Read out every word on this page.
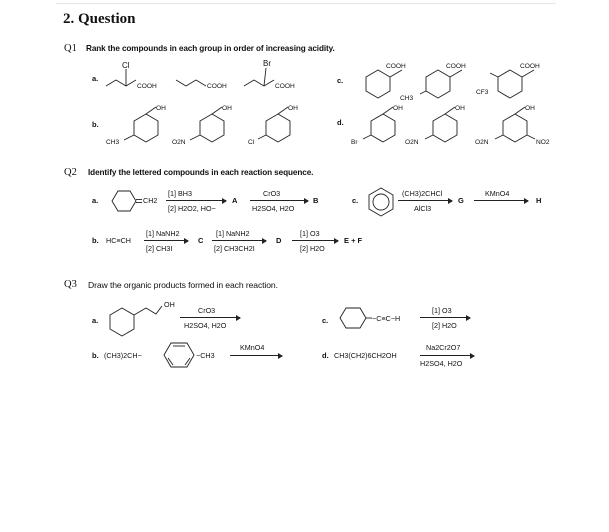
2. Question
Q1 Rank the compounds in each group in order of increasing acidity.
a.
Cl
COOH	COOH
Br
COOH
c.
COOH	COOH
CH3
COOH
CF3
b.
OH
CH3
OH
O2N
OH
Cl
d.
OH
Br
OH
O2N
OH
O2N	NO2
Q2 Identify the lettered compounds in each reaction sequence.
a.	CH2
[1] BH3
[2] H2O2, HO−
A
CrO3
H2SO4, H2O
B	c.
(CH3)2CHCl
AlCl3
G
KMnO4
H
b. HC≡CH
[1] NaNH2
[2] CH3I
C
[1] NaNH2
[2] CH3CH2I
D
[1] O3
[2] H2O
E + F
Q3 Draw the organic products formed in each reaction.
a.
OH
CrO3
H2SO4, H2O
c.	−C≡C−H
[1] O3
[2] H2O
b. (CH3)2CH−	−CH3
KMnO4
d. CH3(CH2)6CH2OH
Na2Cr2O7
H2SO4, H2O
